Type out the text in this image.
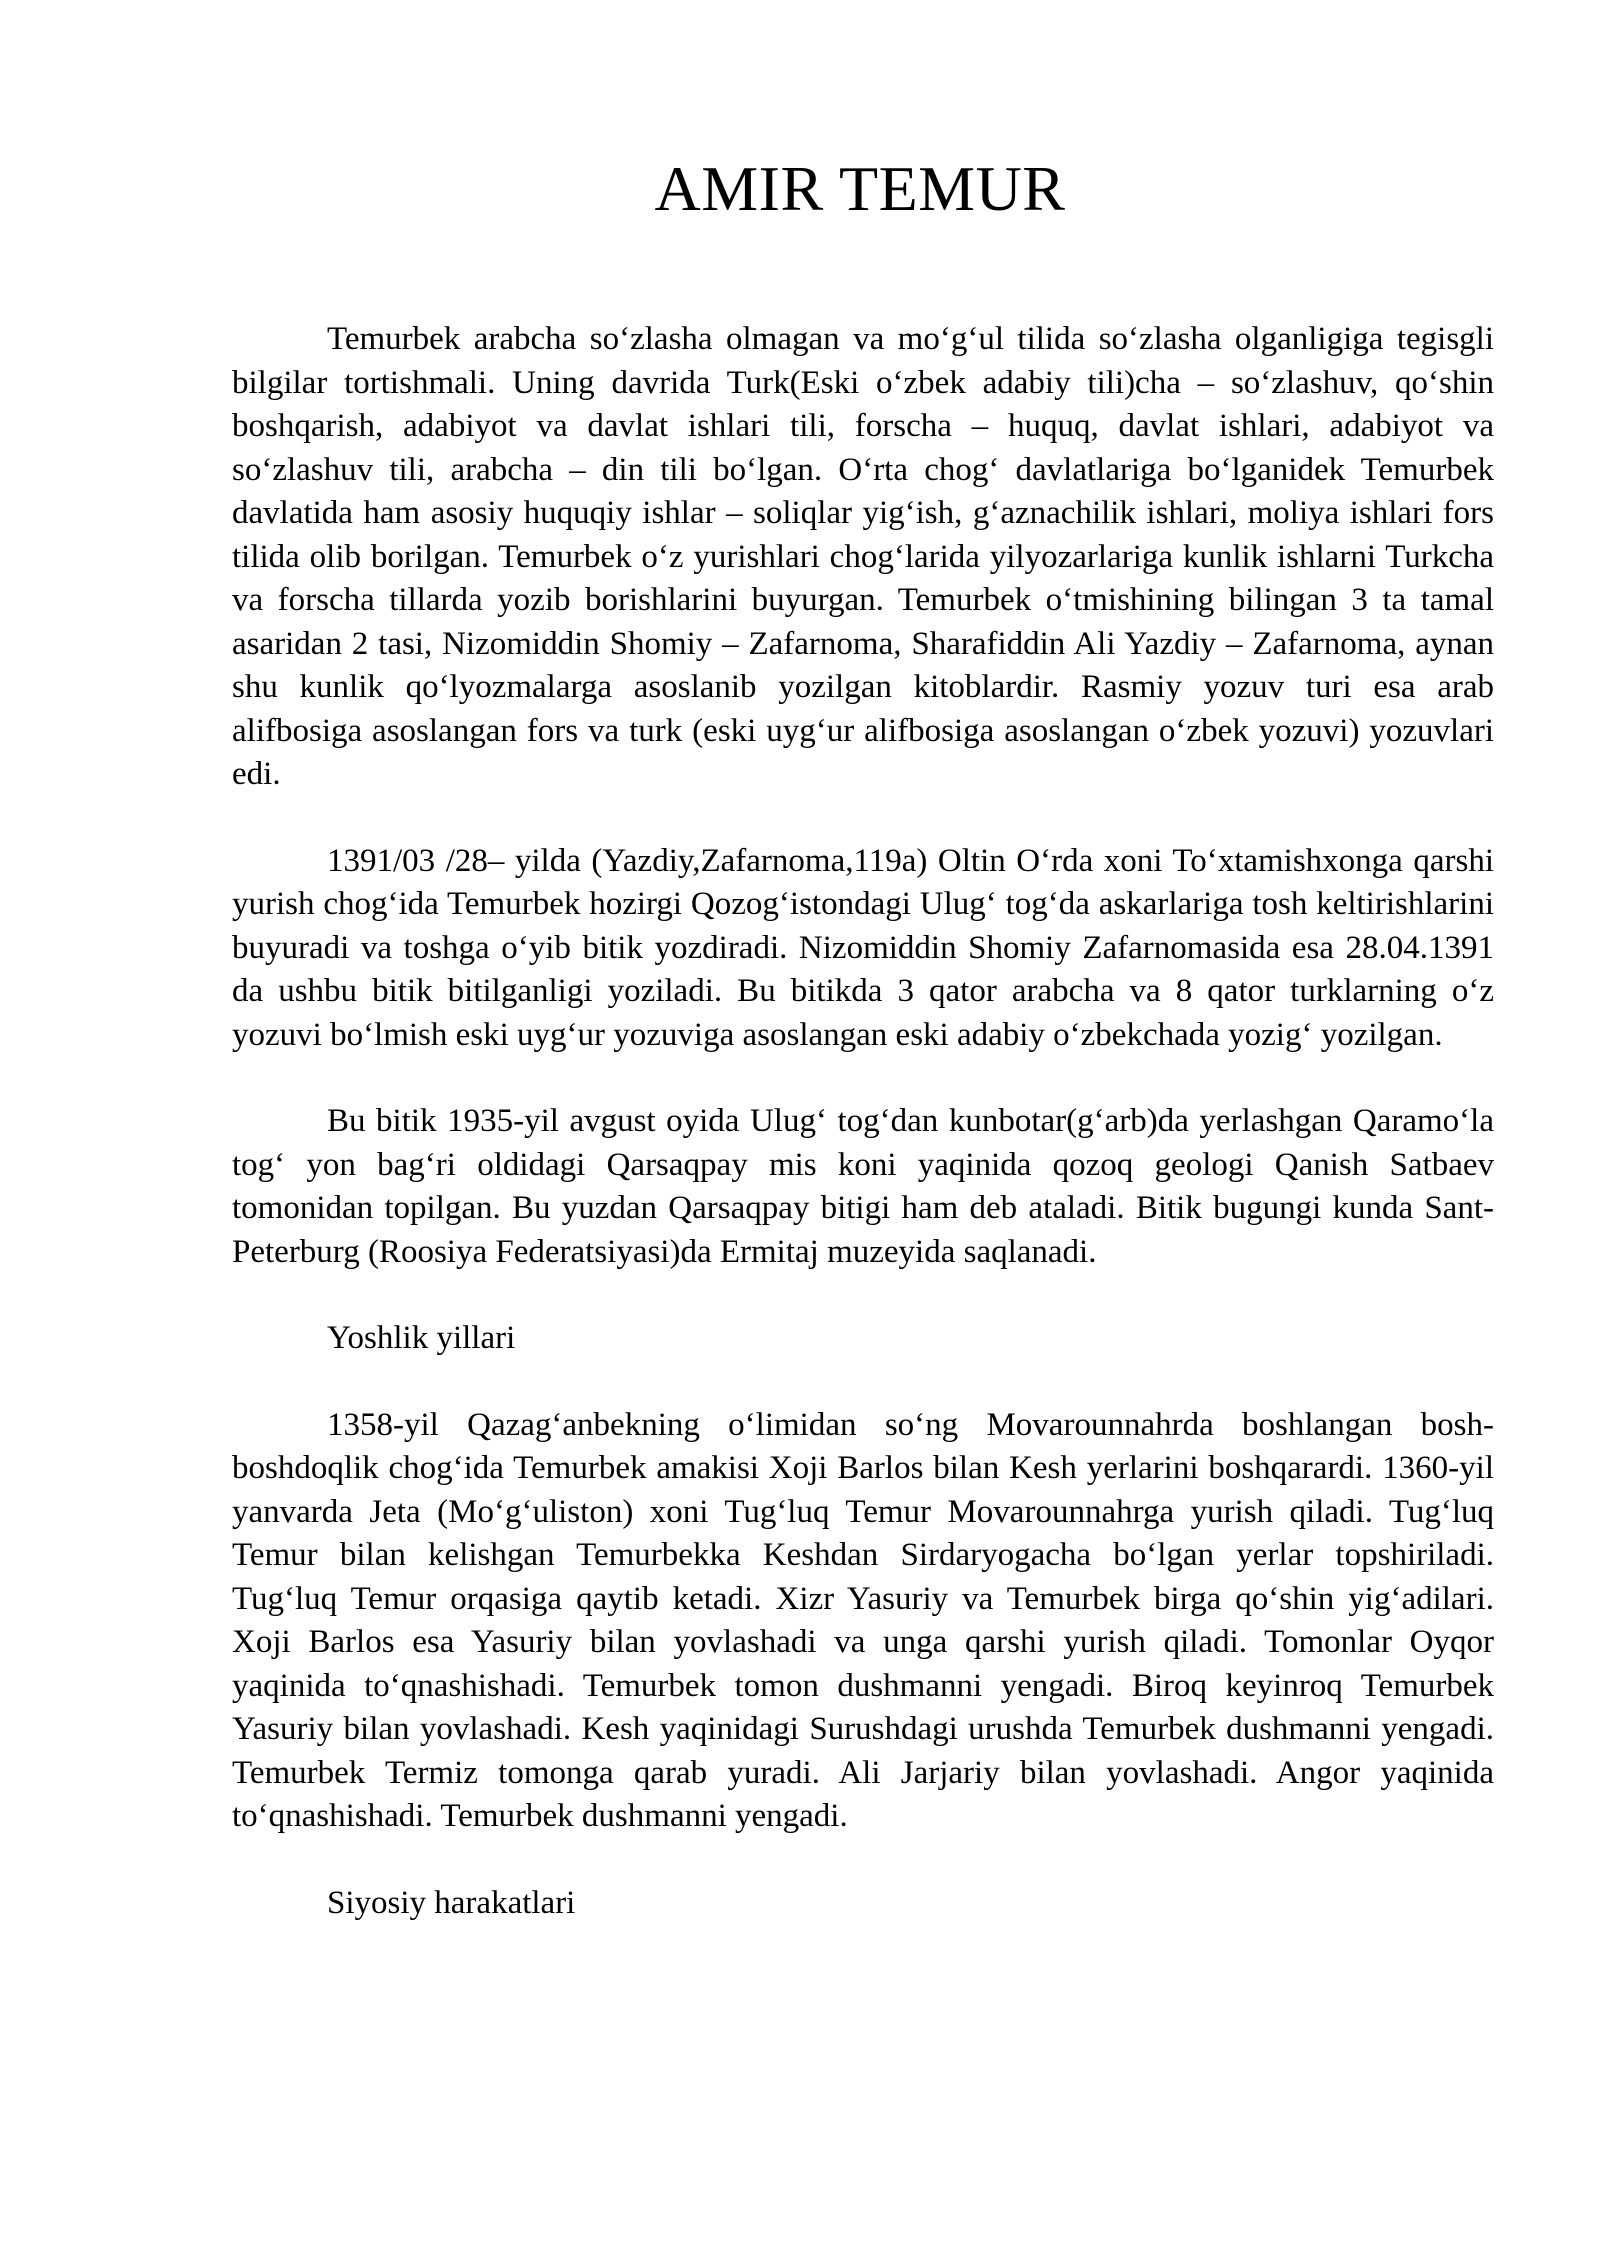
AMIR TEMUR

Temurbek arabcha so‘zlasha olmagan va mo‘g‘ul tilida so‘zlasha olganligiga tegisgli bilgilar tortishmali. Uning davrida Turk(Eski o‘zbek adabiy tili)cha – so‘zlashuv, qo‘shin boshqarish, adabiyot va davlat ishlari tili, forscha – huquq, davlat ishlari, adabiyot va so‘zlashuv tili, arabcha – din tili bo‘lgan. O‘rta chog‘ davlatlariga bo‘lganidek Temurbek davlatida ham asosiy huquqiy ishlar – soliqlar yig‘ish, g‘aznachilik ishlari, moliya ishlari fors tilida olib borilgan. Temurbek o‘z yurishlari chog‘larida yilyozarlariga kunlik ishlarni Turkcha va forscha tillarda yozib borishlarini buyurgan. Temurbek o‘tmishining bilingan 3 ta tamal asaridan 2 tasi, Nizomiddin Shomiy – Zafarnoma, Sharafiddin Ali Yazdiy – Zafarnoma, aynan shu kunlik qo‘lyozmalarga asoslanib yozilgan kitoblardir. Rasmiy yozuv turi esa arab alifbosiga asoslangan fors va turk (eski uyg‘ur alifbosiga asoslangan o‘zbek yozuvi) yozuvlari edi.

1391/03 /28– yilda (Yazdiy,Zafarnoma,119a) Oltin O‘rda xoni To‘xtamishxonga qarshi yurish chog‘ida Temurbek hozirgi Qozog‘istondagi Ulug‘ tog‘da askarlariga tosh keltirishlarini buyuradi va toshga o‘yib bitik yozdiradi. Nizomiddin Shomiy Zafarnomasida esa 28.04.1391 da ushbu bitik bitilganligi yoziladi. Bu bitikda 3 qator arabcha va 8 qator turklarning o‘z yozuvi bo‘lmish eski uyg‘ur yozuviga asoslangan eski adabiy o‘zbekchada yozig‘ yozilgan.

Bu bitik 1935-yil avgust oyida Ulug‘ tog‘dan kunbotar(g‘arb)da yerlashgan Qaramo‘la tog‘ yon bag‘ri oldidagi Qarsaqpay mis koni yaqinida qozoq geologi Qanish Satbaev tomonidan topilgan. Bu yuzdan Qarsaqpay bitigi ham deb ataladi. Bitik bugungi kunda Sant-Peterburg (Roosiya Federatsiyasi)da Ermitaj muzeyida saqlanadi.

Yoshlik yillari

1358-yil Qazag‘anbekning o‘limidan so‘ng Movarounnahrda boshlangan bosh-boshdoqlik chog‘ida Temurbek amakisi Xoji Barlos bilan Kesh yerlarini boshqarardi. 1360-yil yanvarda Jeta (Mo‘g‘uliston) xoni Tug‘luq Temur Movarounnahrga yurish qiladi. Tug‘luq Temur bilan kelishgan Temurbekka Keshdan Sirdaryogacha bo‘lgan yerlar topshiriladi. Tug‘luq Temur orqasiga qaytib ketadi. Xizr Yasuriy va Temurbek birga qo‘shin yig‘adilari. Xoji Barlos esa Yasuriy bilan yovlashadi va unga qarshi yurish qiladi. Tomonlar Oyqor yaqinida to‘qnashishadi. Temurbek tomon dushmanni yengadi. Biroq keyinroq Temurbek Yasuriy bilan yovlashadi. Kesh yaqinidagi Surushdagi urushda Temurbek dushmanni yengadi. Temurbek Termiz tomonga qarab yuradi. Ali Jarjariy bilan yovlashadi. Angor yaqinida to‘qnashishadi. Temurbek dushmanni yengadi.

Siyosiy harakatlari
